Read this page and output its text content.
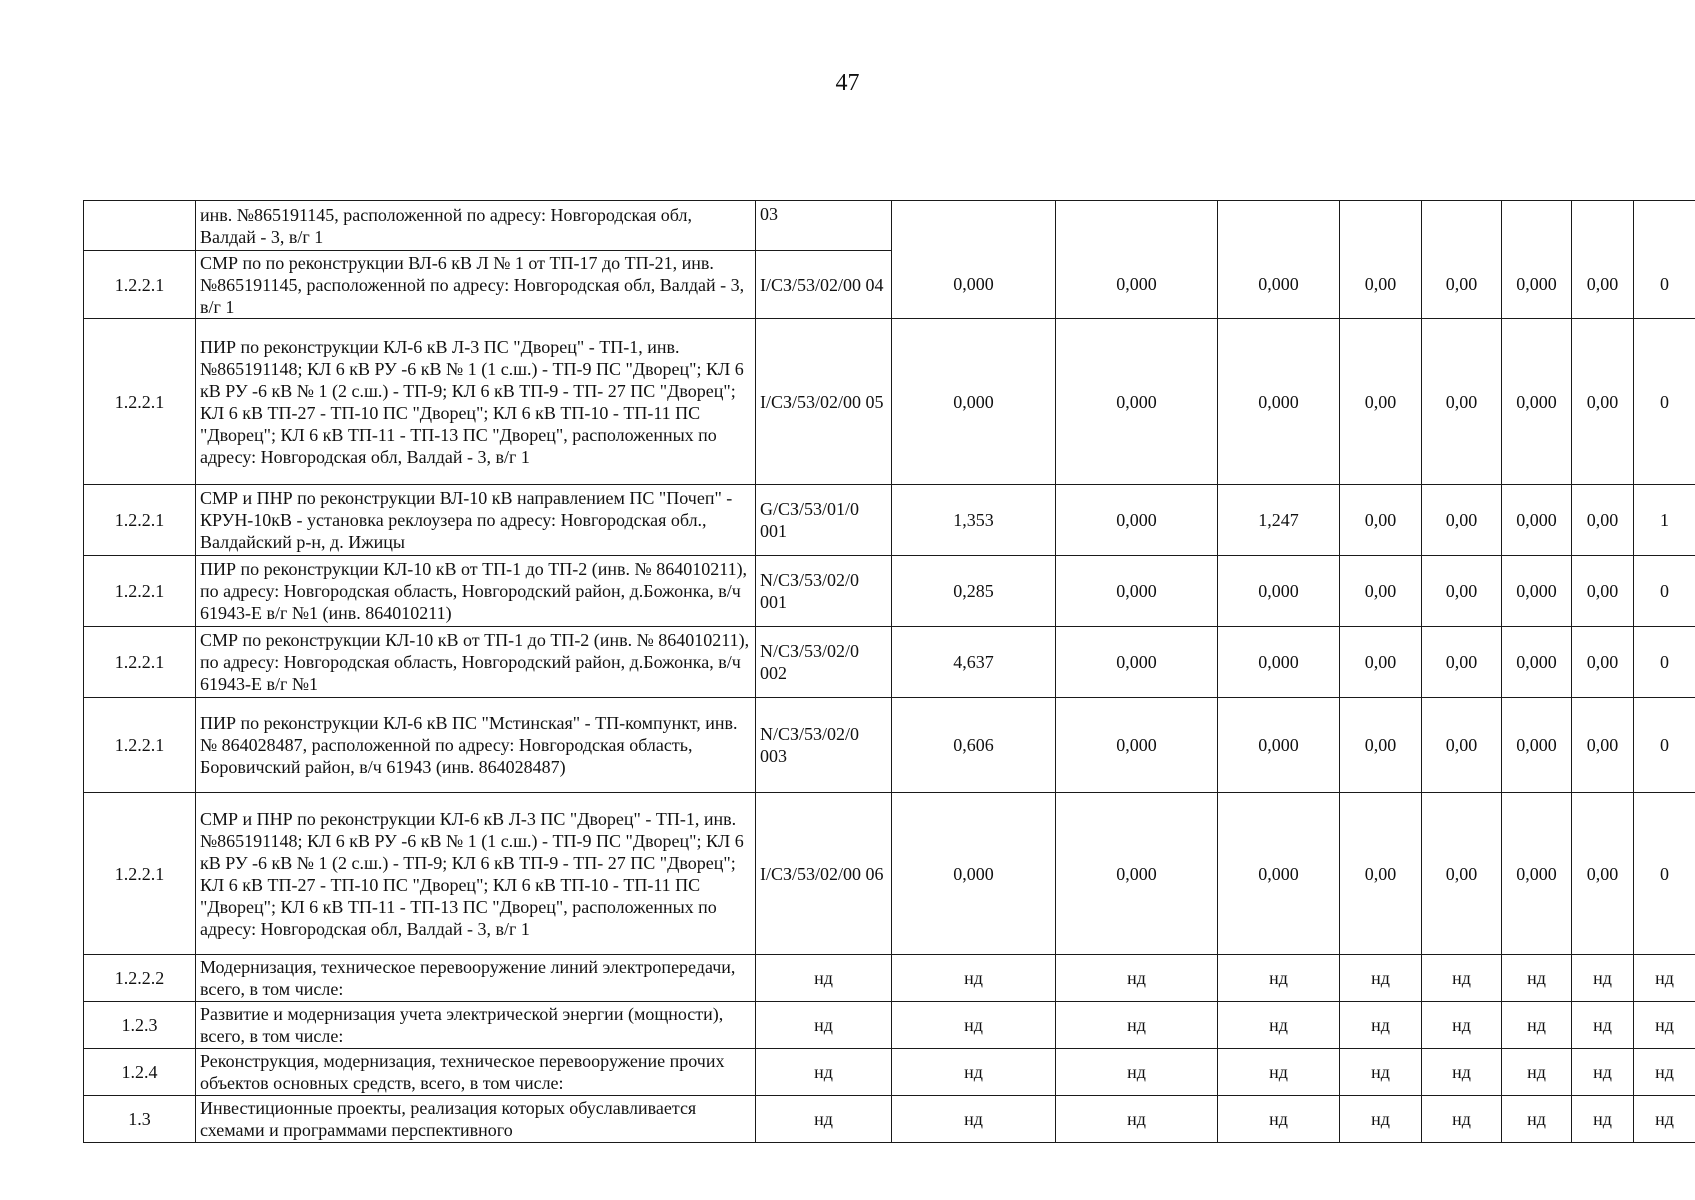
47
	инв. №865191145, расположенной по адресу: Новгородская обл, Валдай - 3, в/г 1	03								
1.2.2.1	СМР по по реконструкции ВЛ-6 кВ Л № 1 от ТП-17 до ТП-21, инв. №865191145, расположенной по адресу: Новгородская обл, Валдай - 3, в/г 1	I/СЗ/53/02/00 04	0,000	0,000	0,000	0,00	0,00	0,000	0,00	0
1.2.2.1	ПИР по реконструкции КЛ-6 кВ Л-3 ПС "Дворец" - ТП-1, инв. №865191148; КЛ 6 кВ РУ -6 кВ № 1 (1 с.ш.) - ТП-9 ПС "Дворец"; КЛ 6 кВ РУ -6 кВ № 1 (2 с.ш.) - ТП-9; КЛ 6 кВ ТП-9 - ТП- 27 ПС "Дворец"; КЛ 6 кВ ТП-27 - ТП-10 ПС "Дворец"; КЛ 6 кВ ТП-10 - ТП-11 ПС "Дворец"; КЛ 6 кВ ТП-11 - ТП-13 ПС "Дворец", расположенных по адресу: Новгородская обл, Валдай - 3, в/г 1	I/СЗ/53/02/00 05	0,000	0,000	0,000	0,00	0,00	0,000	0,00	0
1.2.2.1	СМР и ПНР по реконструкции ВЛ-10 кВ направлением ПС "Почеп" - КРУН-10кВ - установка реклоузера по адресу: Новгородская обл., Валдайский р-н, д. Ижицы	G/СЗ/53/01/0 001	1,353	0,000	1,247	0,00	0,00	0,000	0,00	1
1.2.2.1	ПИР по реконструкции КЛ-10 кВ от ТП-1 до ТП-2 (инв. № 864010211), по адресу: Новгородская область, Новгородский район, д.Божонка, в/ч 61943-Е в/г №1 (инв. 864010211)	N/СЗ/53/02/0 001	0,285	0,000	0,000	0,00	0,00	0,000	0,00	0
1.2.2.1	СМР по реконструкции КЛ-10 кВ от ТП-1 до ТП-2 (инв. № 864010211), по адресу: Новгородская область, Новгородский район, д.Божонка, в/ч 61943-Е в/г №1	N/СЗ/53/02/0 002	4,637	0,000	0,000	0,00	0,00	0,000	0,00	0
1.2.2.1	ПИР по реконструкции КЛ-6 кВ ПС "Мстинская" - ТП-компункт, инв. № 864028487, расположенной по адресу: Новгородская область, Боровичский район, в/ч 61943 (инв. 864028487)	N/СЗ/53/02/0 003	0,606	0,000	0,000	0,00	0,00	0,000	0,00	0
1.2.2.1	СМР и ПНР по реконструкции КЛ-6 кВ Л-3 ПС "Дворец" - ТП-1, инв. №865191148; КЛ 6 кВ РУ -6 кВ № 1 (1 с.ш.) - ТП-9 ПС "Дворец"; КЛ 6 кВ РУ -6 кВ № 1 (2 с.ш.) - ТП-9; КЛ 6 кВ ТП-9 - ТП- 27 ПС "Дворец"; КЛ 6 кВ ТП-27 - ТП-10 ПС "Дворец"; КЛ 6 кВ ТП-10 - ТП-11 ПС "Дворец"; КЛ 6 кВ ТП-11 - ТП-13 ПС "Дворец", расположенных по адресу: Новгородская обл, Валдай - 3, в/г 1	I/СЗ/53/02/00 06	0,000	0,000	0,000	0,00	0,00	0,000	0,00	0
1.2.2.2	Модернизация, техническое перевооружение линий электропередачи, всего, в том числе:	нд	нд	нд	нд	нд	нд	нд	нд	нд
1.2.3	Развитие и модернизация учета электрической энергии (мощности), всего, в том числе:	нд	нд	нд	нд	нд	нд	нд	нд	нд
1.2.4	Реконструкция, модернизация, техническое перевооружение прочих объектов основных средств, всего, в том числе:	нд	нд	нд	нд	нд	нд	нд	нд	нд
1.3	Инвестиционные проекты, реализация которых обуславливается схемами и программами перспективного	нд	нд	нд	нд	нд	нд	нд	нд	нд
